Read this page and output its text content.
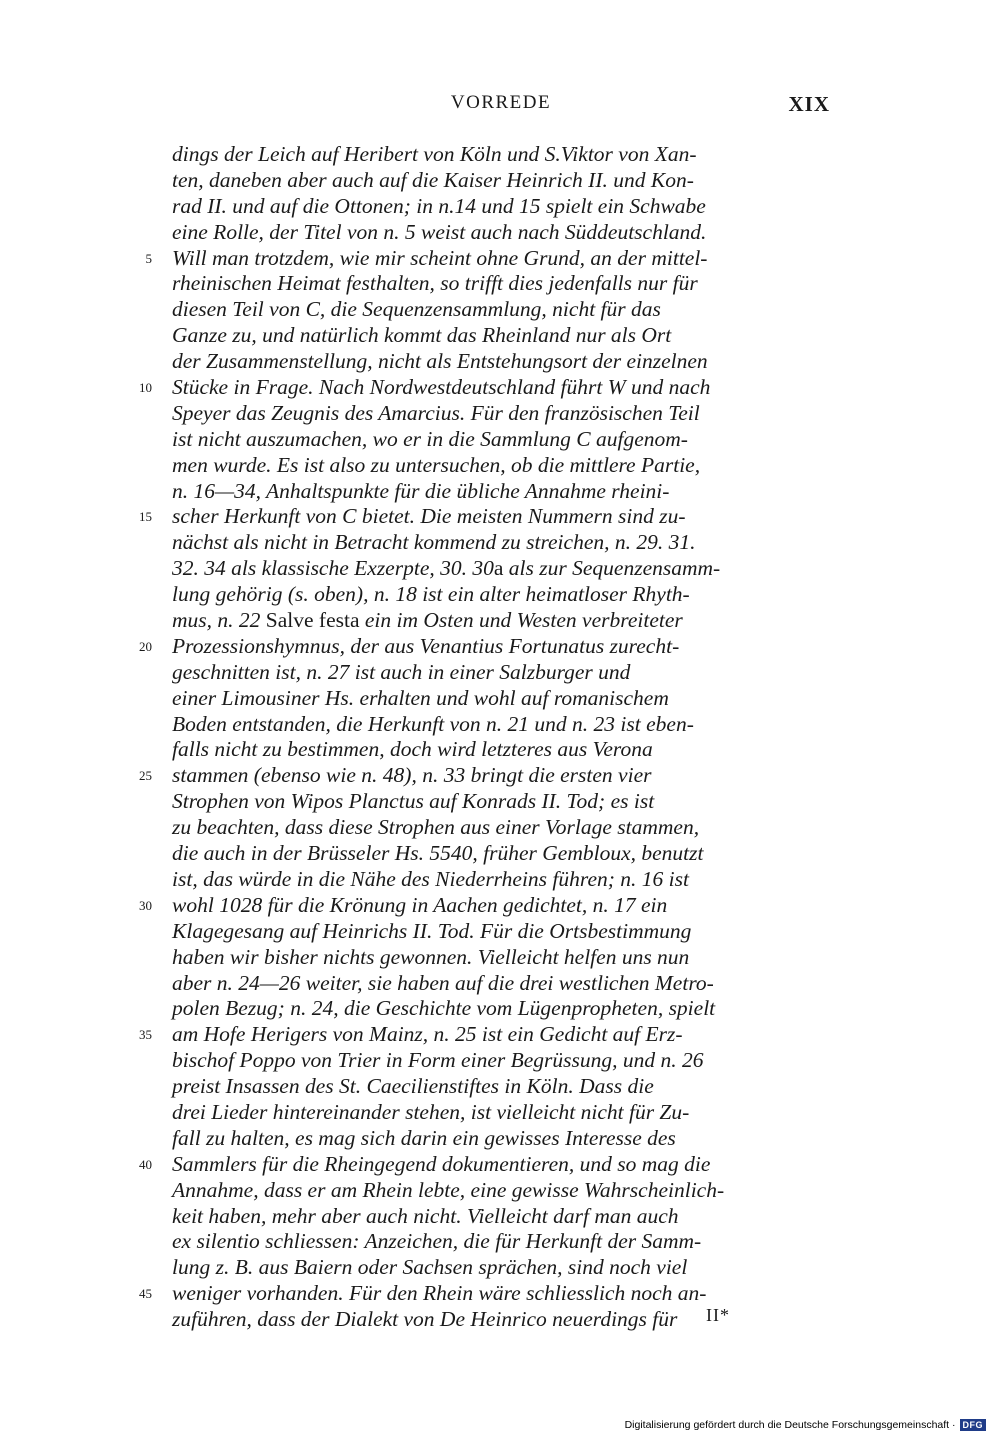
VORREDE	XIX
dings der Leich auf Heribert von Köln und S.Viktor von Xan-
ten, daneben aber auch auf die Kaiser Heinrich II. und Kon-
rad II. und auf die Ottonen; in n.14 und 15 spielt ein Schwabe
eine Rolle, der Titel von n. 5 weist auch nach Süddeutschland.
5 Will man trotzdem, wie mir scheint ohne Grund, an der mittel-
rheinischen Heimat festhalten, so trifft dies jedenfalls nur für
diesen Teil von C, die Sequenzensammlung, nicht für das
Ganze zu, und natürlich kommt das Rheinland nur als Ort
der Zusammenstellung, nicht als Entstehungsort der einzelnen
10 Stücke in Frage. Nach Nordwestdeutschland führt W und nach
Speyer das Zeugnis des Amarcius. Für den französischen Teil
ist nicht auszumachen, wo er in die Sammlung C aufgenom-
men wurde. Es ist also zu untersuchen, ob die mittlere Partie,
n. 16—34, Anhaltspunkte für die übliche Annahme rheini-
15 scher Herkunft von C bietet. Die meisten Nummern sind zu-
nächst als nicht in Betracht kommend zu streichen, n. 29. 31.
32. 34 als klassische Exzerpte, 30. 30a als zur Sequenzensamm-
lung gehörig (s. oben), n. 18 ist ein alter heimatloser Rhyth-
mus, n. 22 Salve festa ein im Osten und Westen verbreiteter
20 Prozessionshymnus, der aus Venantius Fortunatus zurecht-
geschnitten ist, n. 27 ist auch in einer Salzburger und
einer Limousiner Hs. erhalten und wohl auf romanischem
Boden entstanden, die Herkunft von n. 21 und n. 23 ist eben-
falls nicht zu bestimmen, doch wird letzteres aus Verona
25 stammen (ebenso wie n. 48), n. 33 bringt die ersten vier
Strophen von Wipos Planctus auf Konrads II. Tod; es ist
zu beachten, dass diese Strophen aus einer Vorlage stammen,
die auch in der Brüsseler Hs. 5540, früher Gembloux, benutzt
ist, das würde in die Nähe des Niederrheins führen; n. 16 ist
30 wohl 1028 für die Krönung in Aachen gedichtet, n. 17 ein
Klagegesang auf Heinrichs II. Tod. Für die Ortsbestimmung
haben wir bisher nichts gewonnen. Vielleicht helfen uns nun
aber n. 24—26 weiter, sie haben auf die drei westlichen Metro-
polen Bezug; n. 24, die Geschichte vom Lügenpropheten, spielt
35 am Hofe Herigers von Mainz, n. 25 ist ein Gedicht auf Erz-
bischof Poppo von Trier in Form einer Begrüssung, und n. 26
preist Insassen des St. Caecilienstiftes in Köln. Dass die
drei Lieder hintereinander stehen, ist vielleicht nicht für Zu-
fall zu halten, es mag sich darin ein gewisses Interesse des
40 Sammlers für die Rheingegend dokumentieren, und so mag die
Annahme, dass er am Rhein lebte, eine gewisse Wahrscheinlich-
keit haben, mehr aber auch nicht. Vielleicht darf man auch
ex silentio schliessen: Anzeichen, die für Herkunft der Samm-
lung z. B. aus Baiern oder Sachsen sprächen, sind noch viel
45 weniger vorhanden. Für den Rhein wäre schliesslich noch an-
zuführen, dass der Dialekt von De Heinrico neuerdings für	II*
Digitalisierung gefördert durch die Deutsche Forschungsgemeinschaft · DFG
